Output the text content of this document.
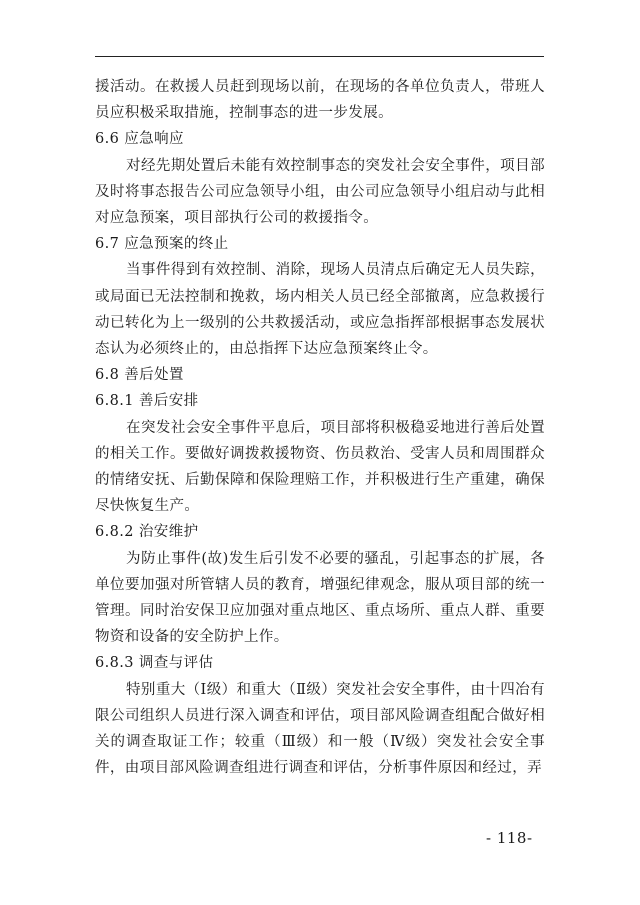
援活动。在救援人员赶到现场以前，在现场的各单位负责人，带班人员应积极采取措施，控制事态的进一步发展。

6.6 应急响应

对经先期处置后未能有效控制事态的突发社会安全事件，项目部及时将事态报告公司应急领导小组，由公司应急领导小组启动与此相对应急预案，项目部执行公司的救援指令。

6.7 应急预案的终止

当事件得到有效控制、消除，现场人员清点后确定无人员失踪，或局面已无法控制和挽救，场内相关人员已经全部撤离，应急救援行动已转化为上一级别的公共救援活动，或应急指挥部根据事态发展状态认为必须终止的，由总指挥下达应急预案终止令。

6.8 善后处置

6.8.1 善后安排

在突发社会安全事件平息后，项目部将积极稳妥地进行善后处置的相关工作。要做好调拨救援物资、伤员救治、受害人员和周围群众的情绪安抚、后勤保障和保险理赔工作，并积极进行生产重建，确保尽快恢复生产。

6.8.2 治安维护

为防止事件(故)发生后引发不必要的骚乱，引起事态的扩展，各单位要加强对所管辖人员的教育，增强纪律观念，服从项目部的统一管理。同时治安保卫应加强对重点地区、重点场所、重点人群、重要物资和设备的安全防护上作。

6.8.3 调查与评估

特别重大（Ⅰ级）和重大（Ⅱ级）突发社会安全事件，由十四冶有限公司组织人员进行深入调查和评估，项目部风险调查组配合做好相关的调查取证工作；较重（Ⅲ级）和一般（Ⅳ级）突发社会安全事件，由项目部风险调查组进行调查和评估，分析事件原因和经过，弄

- 118-
